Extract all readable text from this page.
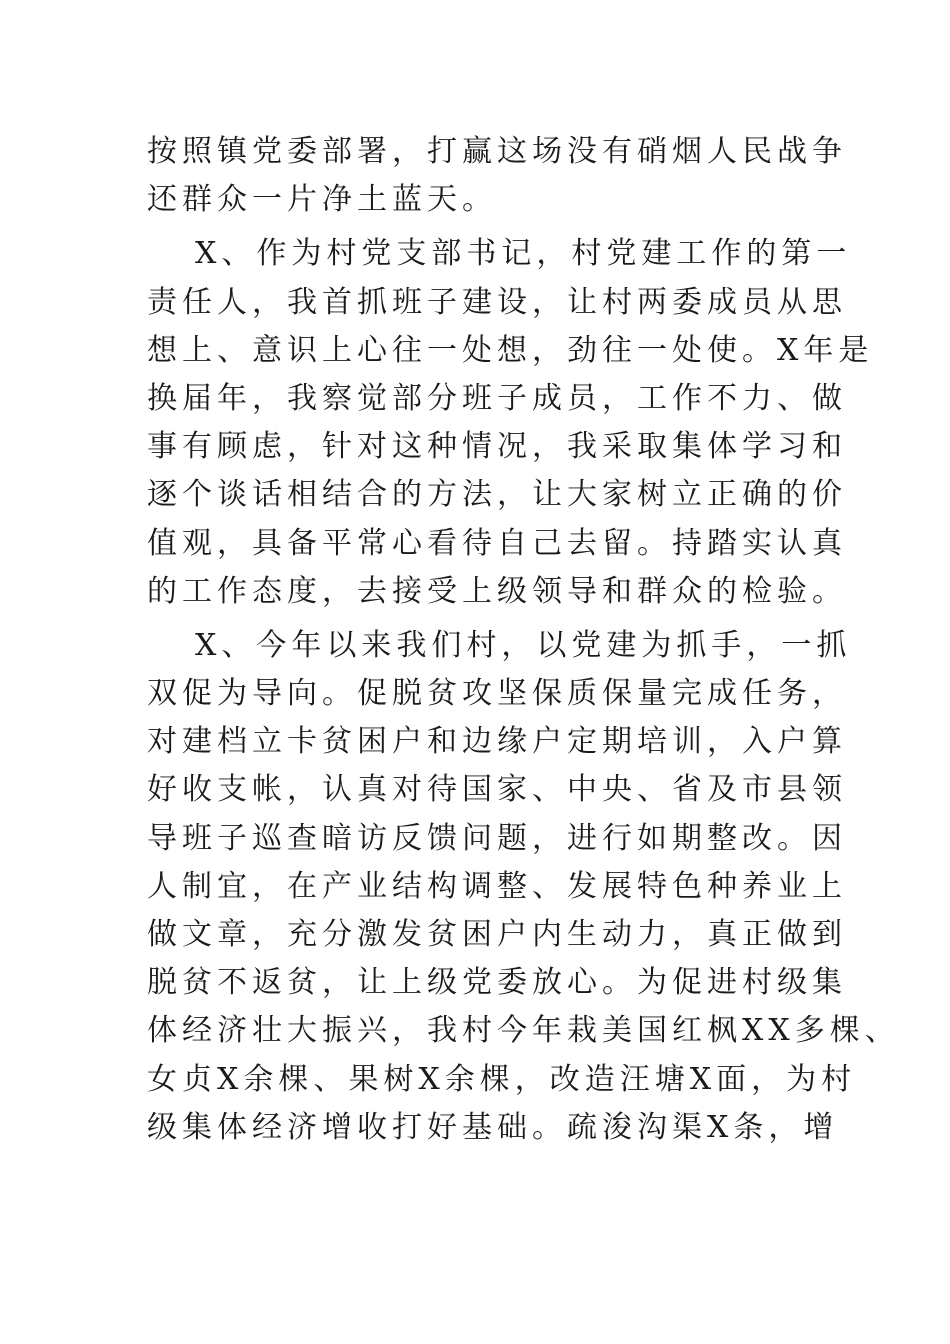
按照镇党委部署，打赢这场没有硝烟人民战争
还群众一片净土蓝天。
X、作为村党支部书记，村党建工作的第一
责任人，我首抓班子建设，让村两委成员从思
想上、意识上心往一处想，劲往一处使。X年是
换届年，我察觉部分班子成员，工作不力、做
事有顾虑，针对这种情况，我采取集体学习和
逐个谈话相结合的方法，让大家树立正确的价
值观，具备平常心看待自己去留。持踏实认真
的工作态度，去接受上级领导和群众的检验。
X、今年以来我们村，以党建为抓手，一抓
双促为导向。促脱贫攻坚保质保量完成任务，
对建档立卡贫困户和边缘户定期培训，入户算
好收支帐，认真对待国家、中央、省及市县领
导班子巡查暗访反馈问题，进行如期整改。因
人制宜，在产业结构调整、发展特色种养业上
做文章，充分激发贫困户内生动力，真正做到
脱贫不返贫，让上级党委放心。为促进村级集
体经济壮大振兴，我村今年栽美国红枫XX多棵、
女贞X余棵、果树X余棵，改造汪塘X面，为村
级集体经济增收打好基础。疏浚沟渠X条，增
